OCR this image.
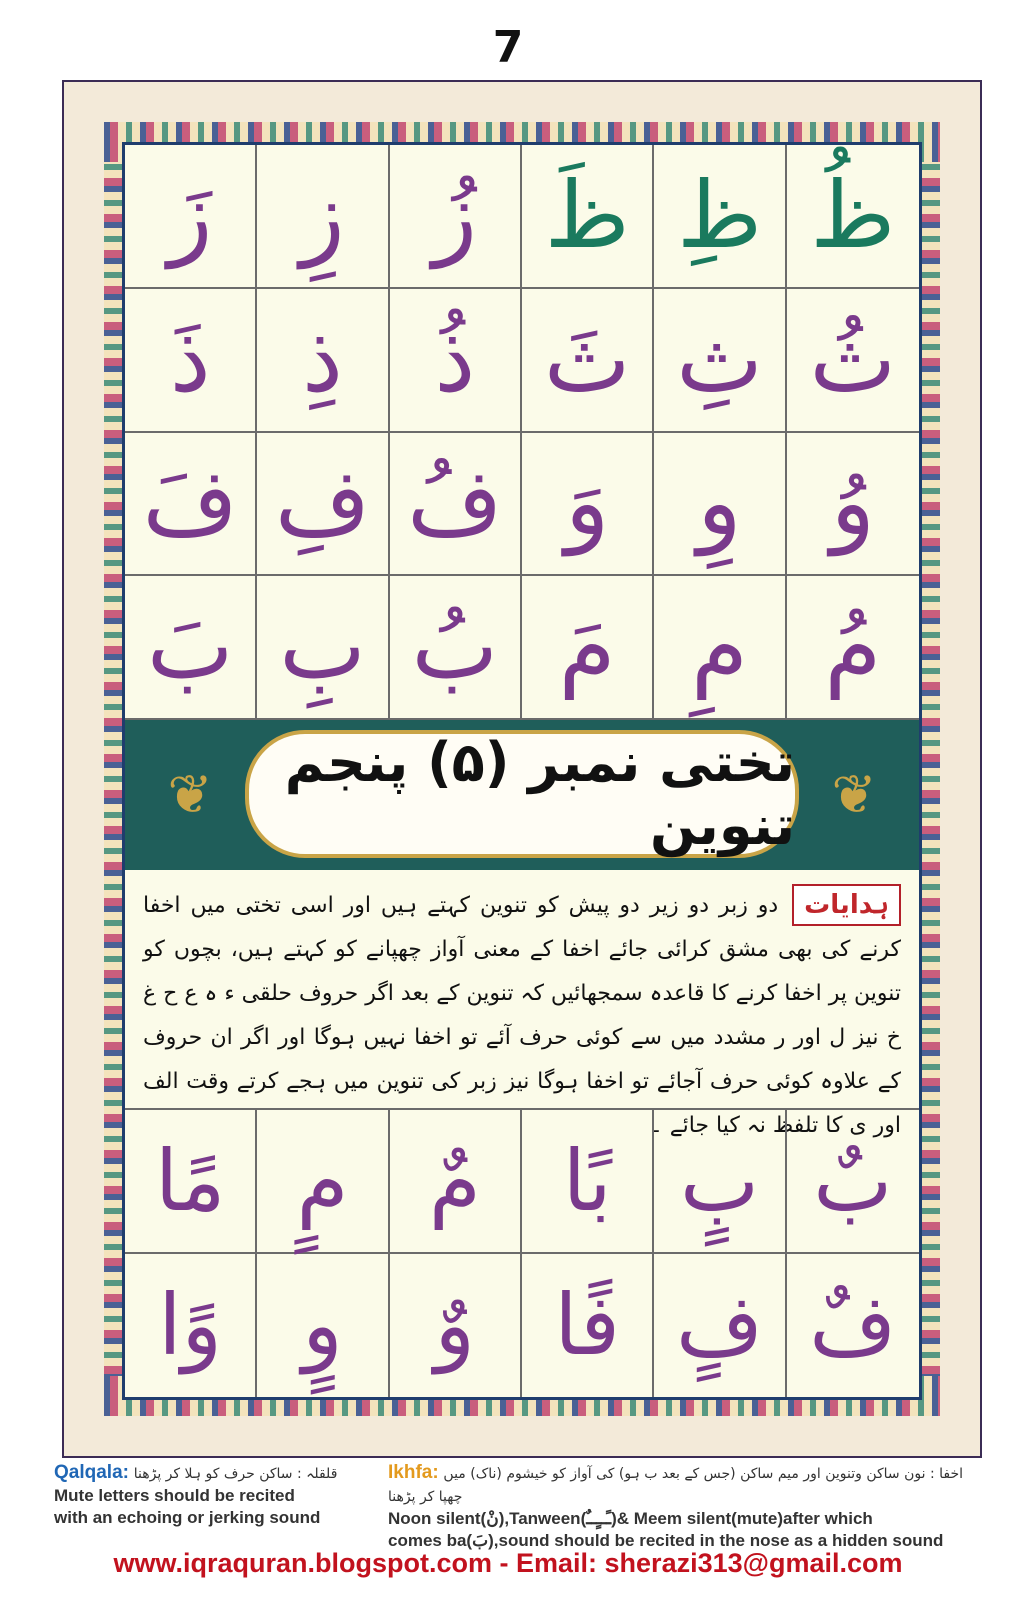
7
زَ زِ زُ ظَ ظِ ظُ
ذَ ذِ ذُ ثَ ثِ ثُ
فَ فِ فُ وَ وِ وُ
بَ بِ بُ مَ مِ مُ
❦	❦
تختی نمبر (۵) پنجم تنوین
ہدایات
دو زبر دو زیر دو پیش کو تنوین کہتے ہیں اور اسی تختی میں اخفا کرنے کی بھی مشق کرائی جائے اخفا کے معنی آواز چھپانے کو کہتے ہیں، بچوں کو تنوین پر اخفا کرنے کا قاعدہ سمجھائیں کہ تنوین کے بعد اگر حروف حلقی ء ہ ع ح غ خ نیز ل اور ر مشدد میں سے کوئی حرف آئے تو اخفا نہیں ہوگا اور اگر ان حروف کے علاوہ کوئی حرف آجائے تو اخفا ہوگا نیز زبر کی تنوین میں ہجے کرتے وقت الف اور ی کا تلفظ نہ کیا جائے ۔
مًا مٍ مٌ بًا بٍ بٌ
وًا وٍ	وٌ فًا فٍ فٌ
Qalqala: قلقلہ : ساکن حرف کو ہلا کر پڑھنا
Mute letters should be recited
with an echoing or jerking sound
Ikhfa: اخفا : نون ساکن وتنوین اور میم ساکن (جس کے بعد ب ہو) کی آواز کو خیشوم (ناک) میں چھپا کر پڑھنا
Noon silent(نْ),Tanween(ـًــٍــٌ)& Meem silent(mute)after which
comes ba(بَ),sound should be recited in the nose as a hidden sound
www.iqraquran.blogspot.com - Email: sherazi313@gmail.com
